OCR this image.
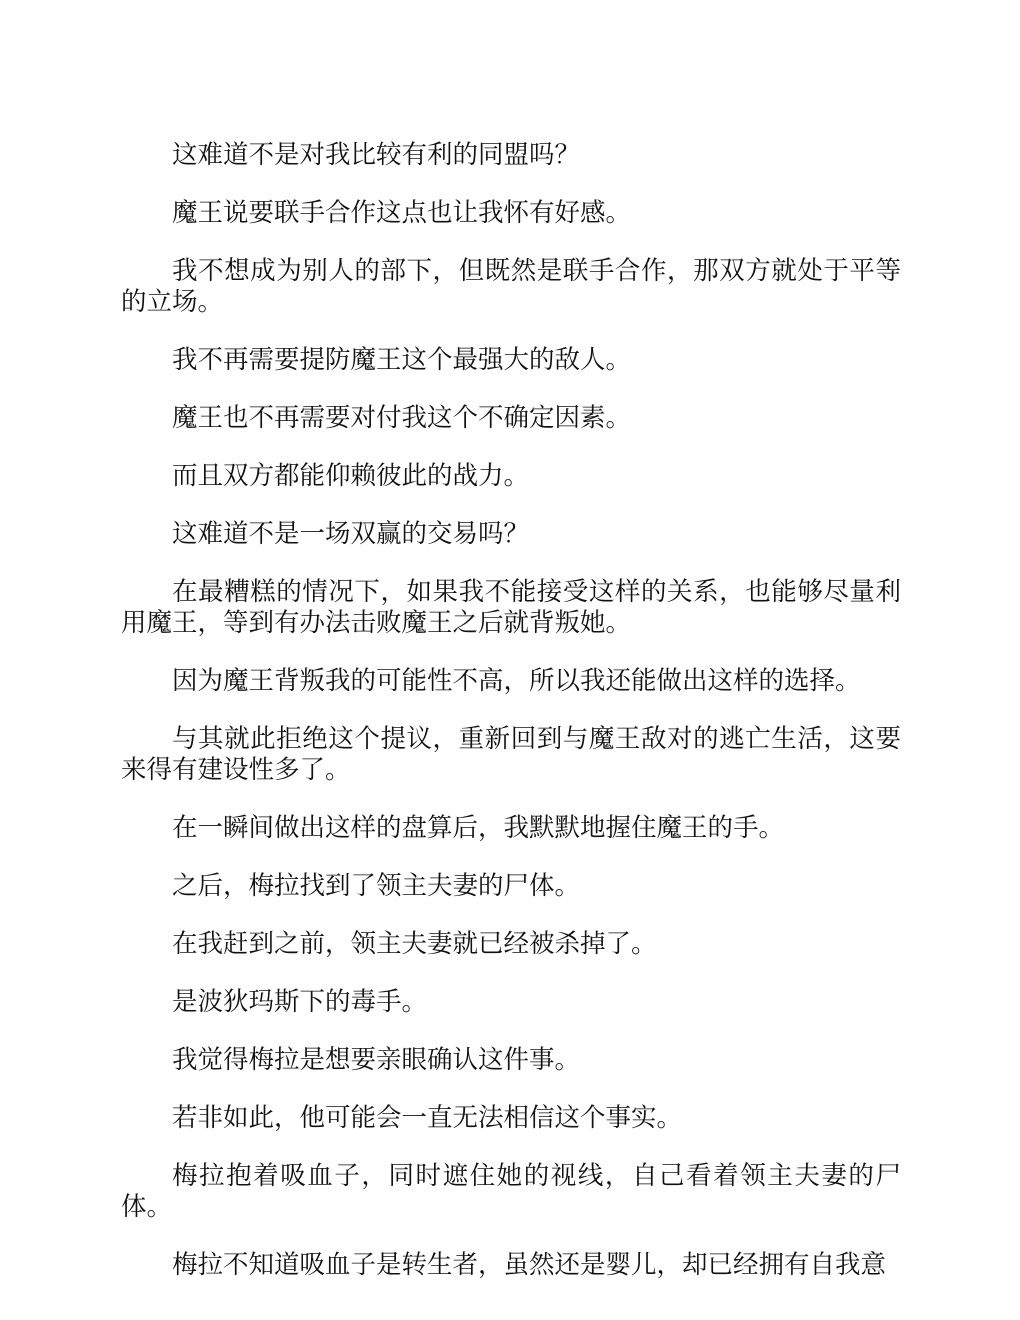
这难道不是对我比较有利的同盟吗？

魔王说要联手合作这点也让我怀有好感。

我不想成为别人的部下，但既然是联手合作，那双方就处于平等的立场。

我不再需要提防魔王这个最强大的敌人。

魔王也不再需要对付我这个不确定因素。

而且双方都能仰赖彼此的战力。

这难道不是一场双赢的交易吗？

在最糟糕的情况下，如果我不能接受这样的关系，也能够尽量利用魔王，等到有办法击败魔王之后就背叛她。

因为魔王背叛我的可能性不高，所以我还能做出这样的选择。

与其就此拒绝这个提议，重新回到与魔王敌对的逃亡生活，这要来得有建设性多了。

在一瞬间做出这样的盘算后，我默默地握住魔王的手。

之后，梅拉找到了领主夫妻的尸体。

在我赶到之前，领主夫妻就已经被杀掉了。

是波狄玛斯下的毒手。

我觉得梅拉是想要亲眼确认这件事。

若非如此，他可能会一直无法相信这个事实。

梅拉抱着吸血子，同时遮住她的视线，自己看着领主夫妻的尸体。

梅拉不知道吸血子是转生者，虽然还是婴儿，却已经拥有自我意
